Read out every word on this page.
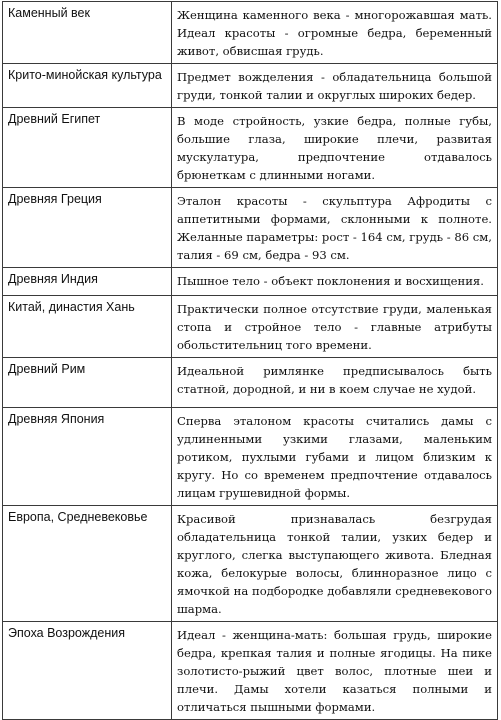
Каменный век	Женщина каменного века - многорожавшая мать. Идеал красоты - огромные бедра, беременный живот, обвисшая грудь.
Крито-минойская культура	Предмет вожделения - обладательница большой груди, тонкой талии и округлых широких бедер.
Древний Египет	В моде стройность, узкие бедра, полные губы, большие глаза, широкие плечи, развитая мускулатура, предпочтение отдавалось брюнеткам с длинными ногами.
Древняя Греция	Эталон красоты - скульптура Афродиты с аппетитными формами, склонными к полноте. Желанные параметры: рост - 164 см, грудь - 86 см, талия - 69 см, бедра - 93 см.
Древняя Индия	Пышное тело - объект поклонения и восхищения.
Китай, династия Хань	Практически полное отсутствие груди, маленькая стопа и стройное тело - главные атрибуты обольстительниц того времени.
Древний Рим	Идеальной римлянке предписывалось быть статной, дородной, и ни в коем случае не худой.
Древняя Япония	Сперва эталоном красоты считались дамы с удлиненными узкими глазами, маленьким ротиком, пухлыми губами и лицом близким к кругу. Но со временем предпочтение отдавалось лицам грушевидной формы.
Европа, Средневековье	Красивой признавалась безгрудая обладательница тонкой талии, узких бедер и круглого, слегка выступающего живота. Бледная кожа, белокурые волосы, блинноразное лицо с ямочкой на подбородке добавляли средневекового шарма.
Эпоха Возрождения	Идеал - женщина-мать: большая грудь, широкие бедра, крепкая талия и полные ягодицы. На пике золотисто-рыжий цвет волос, плотные шеи и плечи. Дамы хотели казаться полными и отличаться пышными формами.
